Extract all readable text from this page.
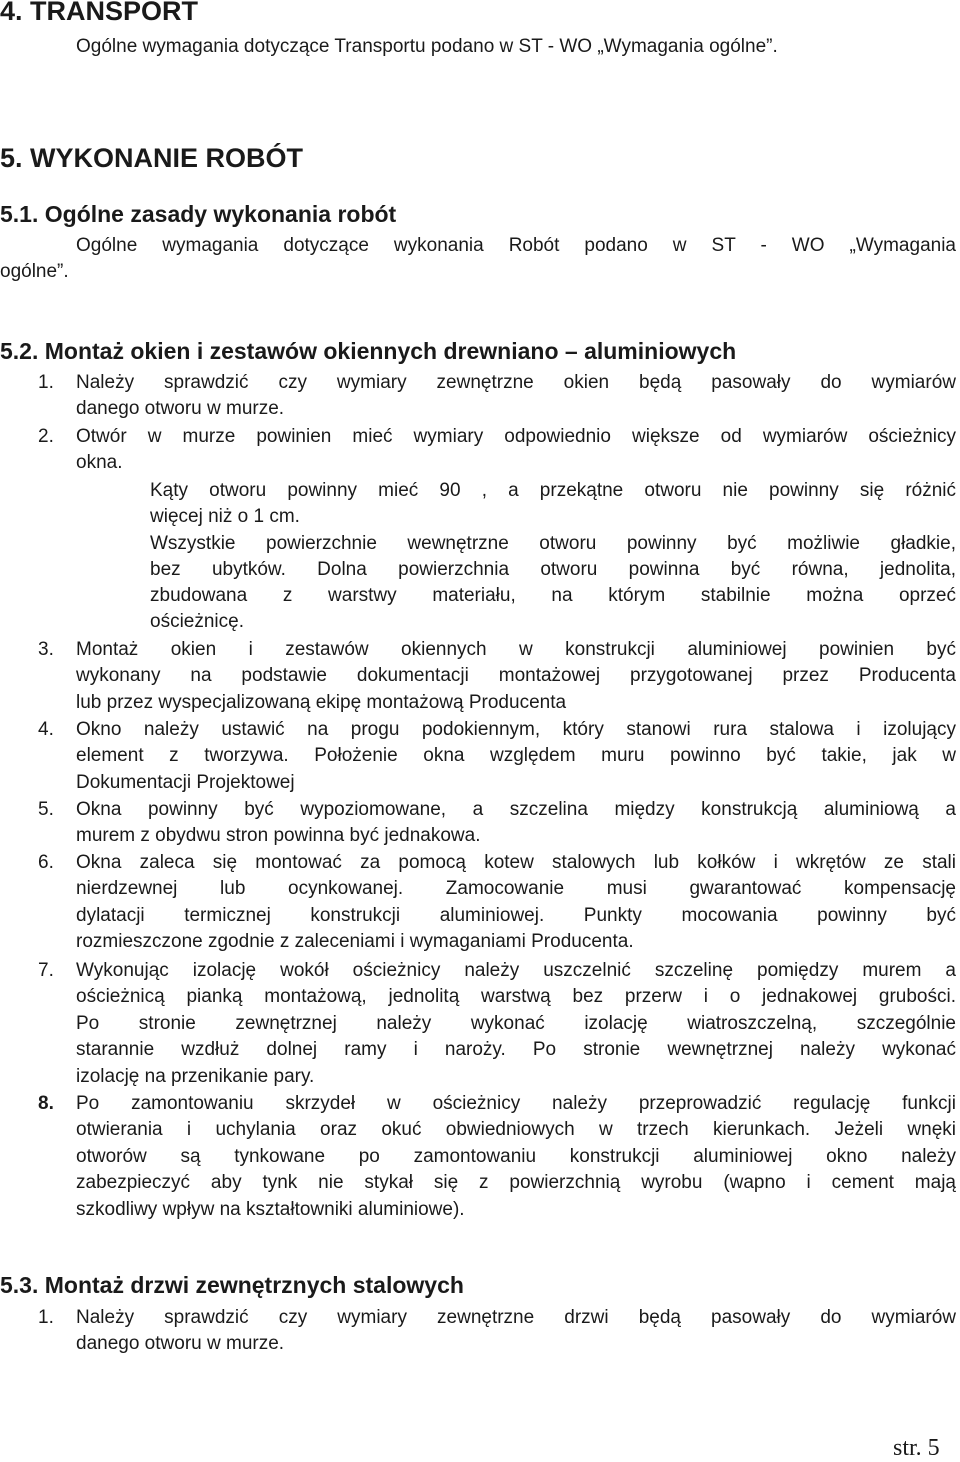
4. TRANSPORT
Ogólne wymagania dotyczące Transportu podano w ST - WO „Wymagania ogólne”.
5. WYKONANIE ROBÓT
5.1. Ogólne zasady wykonania robót
Ogólne wymagania dotyczące wykonania Robót podano w ST - WO „Wymagania
ogólne”.
5.2. Montaż okien i zestawów okiennych drewniano – aluminiowych
1. Należy sprawdzić czy wymiary zewnętrzne okien będą pasowały do wymiarów
danego otworu w murze.
2. Otwór w murze powinien mieć wymiary odpowiednio większe od wymiarów ościeżnicy
okna.
Kąty otworu powinny mieć 90 , a przekątne otworu nie powinny się różnić
więcej niż o 1 cm.
Wszystkie powierzchnie wewnętrzne otworu powinny być możliwie gładkie,
bez ubytków. Dolna powierzchnia otworu powinna być równa, jednolita,
zbudowana z warstwy materiału, na którym stabilnie można oprzeć
ościeżnicę.
3. Montaż okien i zestawów okiennych w konstrukcji aluminiowej powinien być
wykonany na podstawie dokumentacji montażowej przygotowanej przez Producenta
lub przez wyspecjalizowaną ekipę montażową Producenta
4. Okno należy ustawić na progu podokiennym, który stanowi rura stalowa i izolujący
element z tworzywa. Położenie okna względem muru powinno być takie, jak w
Dokumentacji Projektowej
5. Okna powinny być wypoziomowane, a szczelina między konstrukcją aluminiową a
murem z obydwu stron powinna być jednakowa.
6. Okna zaleca się montować za pomocą kotew stalowych lub kołków i wkrętów ze stali
nierdzewnej lub ocynkowanej. Zamocowanie musi gwarantować kompensację
dylatacji termicznej konstrukcji aluminiowej. Punkty mocowania powinny być
rozmieszczone zgodnie z zaleceniami i wymaganiami Producenta.
7. Wykonując izolację wokół ościeżnicy należy uszczelnić szczelinę pomiędzy murem a
ościeżnicą pianką montażową, jednolitą warstwą bez przerw i o jednakowej grubości.
Po stronie zewnętrznej należy wykonać izolację wiatroszczelną, szczególnie
starannie wzdłuż dolnej ramy i naroży. Po stronie wewnętrznej należy wykonać
izolację na przenikanie pary.
8. Po zamontowaniu skrzydeł w ościeżnicy należy przeprowadzić regulację funkcji
otwierania i uchylania oraz okuć obwiedniowych w trzech kierunkach. Jeżeli wnęki
otworów są tynkowane po zamontowaniu konstrukcji aluminiowej okno należy
zabezpieczyć aby tynk nie stykał się z powierzchnią wyrobu (wapno i cement mają
szkodliwy wpływ na kształtowniki aluminiowe).
5.3. Montaż drzwi zewnętrznych stalowych
1. Należy sprawdzić czy wymiary zewnętrzne drzwi będą pasowały do wymiarów
danego otworu w murze.
str. 5
